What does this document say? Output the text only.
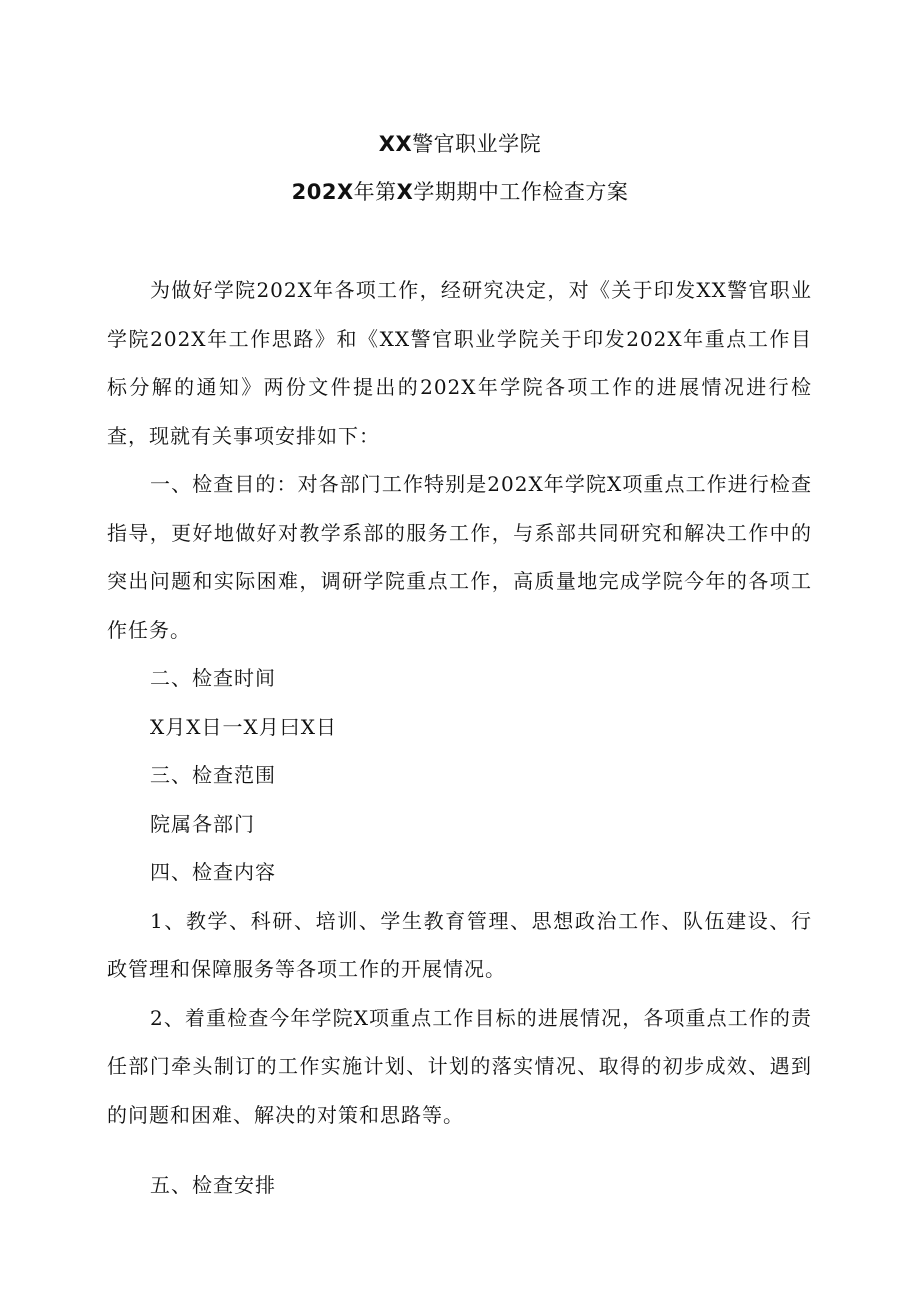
XX警官职业学院
202X年第X学期期中工作检查方案

为做好学院202X年各项工作，经研究决定，对《关于印发XX警官职业学院202X年工作思路》和《XX警官职业学院关于印发202X年重点工作目标分解的通知》两份文件提出的202X年学院各项工作的进展情况进行检查，现就有关事项安排如下：

一、检查目的：对各部门工作特别是202X年学院X项重点工作进行检查指导，更好地做好对教学系部的服务工作，与系部共同研究和解决工作中的突出问题和实际困难，调研学院重点工作，高质量地完成学院今年的各项工作任务。

二、检查时间

X月X日一X月曰X日

三、检查范围

院属各部门

四、检查内容

1、教学、科研、培训、学生教育管理、思想政治工作、队伍建设、行政管理和保障服务等各项工作的开展情况。

2、着重检查今年学院X项重点工作目标的进展情况，各项重点工作的责任部门牵头制订的工作实施计划、计划的落实情况、取得的初步成效、遇到的问题和困难、解决的对策和思路等。

五、检查安排
